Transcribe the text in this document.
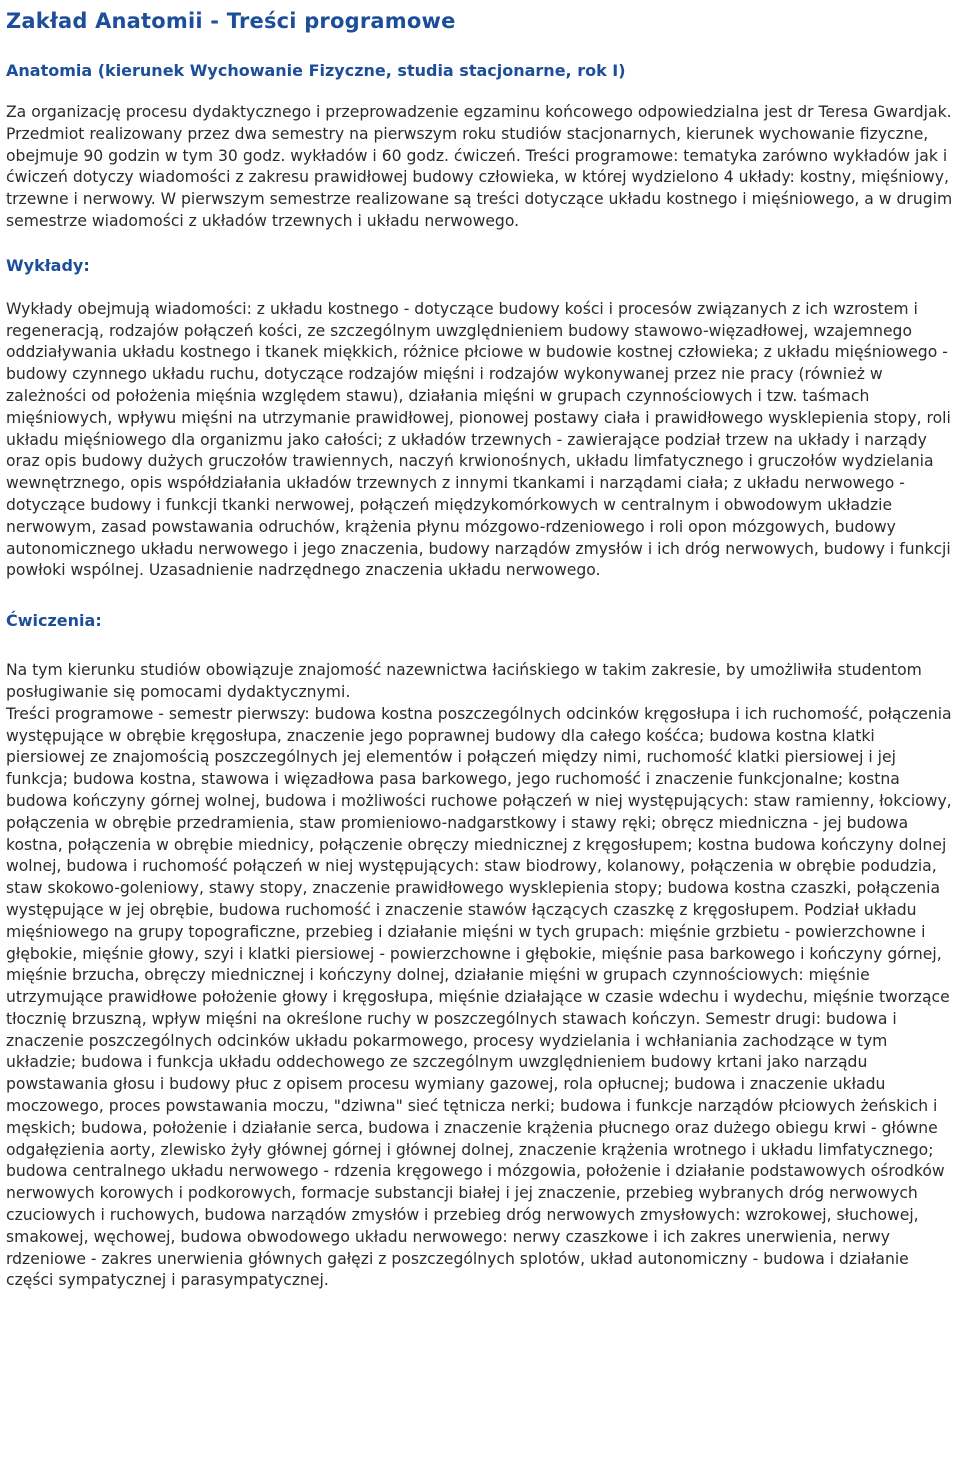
Zakład Anatomii - Treści programowe
Anatomia (kierunek Wychowanie Fizyczne, studia stacjonarne, rok I)

Za organizację procesu dydaktycznego i przeprowadzenie egzaminu końcowego odpowiedzialna jest dr Teresa Gwardjak. Przedmiot realizowany przez dwa semestry na pierwszym roku studiów stacjonarnych, kierunek wychowanie fizyczne, obejmuje 90 godzin w tym 30 godz. wykładów i 60 godz. ćwiczeń. Treści programowe: tematyka zarówno wykładów jak i ćwiczeń dotyczy wiadomości z zakresu prawidłowej budowy człowieka, w której wydzielono 4 układy: kostny, mięśniowy, trzewne i nerwowy. W pierwszym semestrze realizowane są treści dotyczące układu kostnego i mięśniowego, a w drugim semestrze wiadomości z układów trzewnych i układu nerwowego.

Wykłady:

Wykłady obejmują wiadomości: z układu kostnego - dotyczące budowy kości i procesów związanych z ich wzrostem i regeneracją, rodzajów połączeń kości, ze szczególnym uwzględnieniem budowy stawowo-więzadłowej, wzajemnego oddziaływania układu kostnego i tkanek miękkich, różnice płciowe w budowie kostnej człowieka; z układu mięśniowego - budowy czynnego układu ruchu, dotyczące rodzajów mięśni i rodzajów wykonywanej przez nie pracy (również w zależności od położenia mięśnia względem stawu), działania mięśni w grupach czynnościowych i tzw. taśmach mięśniowych, wpływu mięśni na utrzymanie prawidłowej, pionowej postawy ciała i prawidłowego wysklepienia stopy, roli układu mięśniowego dla organizmu jako całości; z układów trzewnych - zawierające podział trzew na układy i narządy oraz opis budowy dużych gruczołów trawiennych, naczyń krwionośnych, układu limfatycznego i gruczołów wydzielania wewnętrznego, opis współdziałania układów trzewnych z innymi tkankami i narządami ciała; z układu nerwowego - dotyczące budowy i funkcji tkanki nerwowej, połączeń międzykomórkowych w centralnym i obwodowym układzie nerwowym, zasad powstawania odruchów, krążenia płynu mózgowo-rdzeniowego i roli opon mózgowych, budowy autonomicznego układu nerwowego i jego znaczenia, budowy narządów zmysłów i ich dróg nerwowych, budowy i funkcji powłoki wspólnej. Uzasadnienie nadrzędnego znaczenia układu nerwowego.

Ćwiczenia:

Na tym kierunku studiów obowiązuje znajomość nazewnictwa łacińskiego w takim zakresie, by umożliwiła studentom posługiwanie się pomocami dydaktycznymi.

Treści programowe - semestr pierwszy: budowa kostna poszczególnych odcinków kręgosłupa i ich ruchomość, połączenia występujące w obrębie kręgosłupa, znaczenie jego poprawnej budowy dla całego kośćca; budowa kostna klatki piersiowej ze znajomością poszczególnych jej elementów i połączeń między nimi, ruchomość klatki piersiowej i jej funkcja; budowa kostna, stawowa i więzadłowa pasa barkowego, jego ruchomość i znaczenie funkcjonalne; kostna budowa kończyny górnej wolnej, budowa i możliwości ruchowe połączeń w niej występujących: staw ramienny, łokciowy, połączenia w obrębie przedramienia, staw promieniowo-nadgarstkowy i stawy ręki; obręcz miedniczna - jej budowa kostna, połączenia w obrębie miednicy, połączenie obręczy miednicznej z kręgosłupem; kostna budowa kończyny dolnej wolnej, budowa i ruchomość połączeń w niej występujących: staw biodrowy, kolanowy, połączenia w obrębie podudzia, staw skokowo-goleniowy, stawy stopy, znaczenie prawidłowego wysklepienia stopy; budowa kostna czaszki, połączenia występujące w jej obrębie, budowa ruchomość i znaczenie stawów łączących czaszkę z kręgosłupem. Podział układu mięśniowego na grupy topograficzne, przebieg i działanie mięśni w tych grupach: mięśnie grzbietu - powierzchowne i głębokie, mięśnie głowy, szyi i klatki piersiowej - powierzchowne i głębokie, mięśnie pasa barkowego i kończyny górnej, mięśnie brzucha, obręczy miednicznej i kończyny dolnej, działanie mięśni w grupach czynnościowych: mięśnie utrzymujące prawidłowe położenie głowy i kręgosłupa, mięśnie działające w czasie wdechu i wydechu, mięśnie tworzące tłocznię brzuszną, wpływ mięśni na określone ruchy w poszczególnych stawach kończyn. Semestr drugi: budowa i znaczenie poszczególnych odcinków układu pokarmowego, procesy wydzielania i wchłaniania zachodzące w tym układzie; budowa i funkcja układu oddechowego ze szczególnym uwzględnieniem budowy krtani jako narządu powstawania głosu i budowy płuc z opisem procesu wymiany gazowej, rola opłucnej; budowa i znaczenie układu moczowego, proces powstawania moczu, "dziwna" sieć tętnicza nerki; budowa i funkcje narządów płciowych żeńskich i męskich; budowa, położenie i działanie serca, budowa i znaczenie krążenia płucnego oraz dużego obiegu krwi - główne odgałęzienia aorty, zlewisko żyły głównej górnej i głównej dolnej, znaczenie krążenia wrotnego i układu limfatycznego; budowa centralnego układu nerwowego - rdzenia kręgowego i mózgowia, położenie i działanie podstawowych ośrodków nerwowych korowych i podkorowych, formacje substancji białej i jej znaczenie, przebieg wybranych dróg nerwowych czuciowych i ruchowych, budowa narządów zmysłów i przebieg dróg nerwowych zmysłowych: wzrokowej, słuchowej, smakowej, węchowej, budowa obwodowego układu nerwowego: nerwy czaszkowe i ich zakres unerwienia, nerwy rdzeniowe - zakres unerwienia głównych gałęzi z poszczególnych splotów, układ autonomiczny - budowa i działanie części sympatycznej i parasympatycznej.
